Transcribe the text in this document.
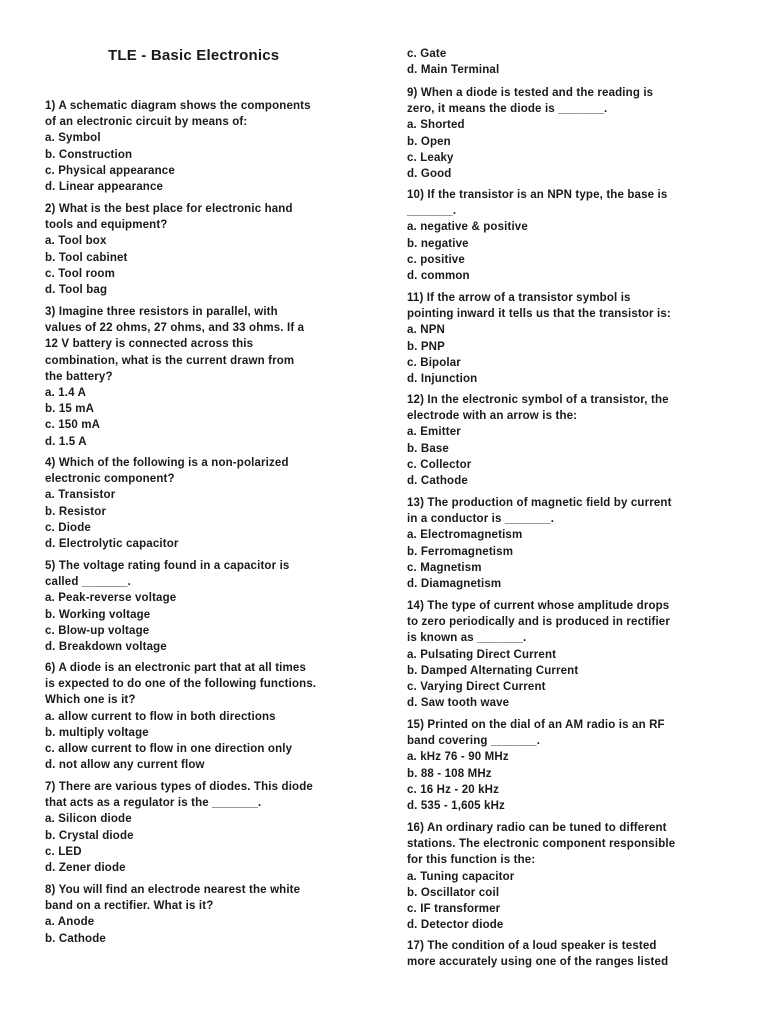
TLE - Basic Electronics
1) A schematic diagram shows the components
of an electronic circuit by means of:
a. Symbol
b. Construction
c. Physical appearance
d. Linear appearance
2) What is the best place for electronic hand
tools and equipment?
a. Tool box
b. Tool cabinet
c. Tool room
d. Tool bag
3) Imagine three resistors in parallel, with
values of 22 ohms, 27 ohms, and 33 ohms. If a
12 V battery is connected across this
combination, what is the current drawn from
the battery?
a. 1.4 A
b. 15 mA
c. 150 mA
d. 1.5 A
4) Which of the following is a non-polarized
electronic component?
a. Transistor
b. Resistor
c. Diode
d. Electrolytic capacitor
5) The voltage rating found in a capacitor is
called _______.
a. Peak-reverse voltage
b. Working voltage
c. Blow-up voltage
d. Breakdown voltage
6) A diode is an electronic part that at all times
is expected to do one of the following functions.
Which one is it?
a. allow current to flow in both directions
b. multiply voltage
c. allow current to flow in one direction only
d. not allow any current flow
7) There are various types of diodes. This diode
that acts as a regulator is the _______.
a. Silicon diode
b. Crystal diode
c. LED
d. Zener diode
8) You will find an electrode nearest the white
band on a rectifier. What is it?
a. Anode
b. Cathode
c. Gate
d. Main Terminal
9) When a diode is tested and the reading is
zero, it means the diode is _______.
a. Shorted
b. Open
c. Leaky
d. Good
10) If the transistor is an NPN type, the base is
_______.
a. negative & positive
b. negative
c. positive
d. common
11) If the arrow of a transistor symbol is
pointing inward it tells us that the transistor is:
a. NPN
b. PNP
c. Bipolar
d. Injunction
12) In the electronic symbol of a transistor, the
electrode with an arrow is the:
a. Emitter
b. Base
c. Collector
d. Cathode
13) The production of magnetic field by current
in a conductor is _______.
a. Electromagnetism
b. Ferromagnetism
c. Magnetism
d. Diamagnetism
14) The type of current whose amplitude drops
to zero periodically and is produced in rectifier
is known as _______.
a. Pulsating Direct Current
b. Damped Alternating Current
c. Varying Direct Current
d. Saw tooth wave
15) Printed on the dial of an AM radio is an RF
band covering _______.
a. kHz 76 - 90 MHz
b. 88 - 108 MHz
c. 16 Hz - 20 kHz
d. 535 - 1,605 kHz
16) An ordinary radio can be tuned to different
stations. The electronic component responsible
for this function is the:
a. Tuning capacitor
b. Oscillator coil
c. IF transformer
d. Detector diode
17) The condition of a loud speaker is tested
more accurately using one of the ranges listed
